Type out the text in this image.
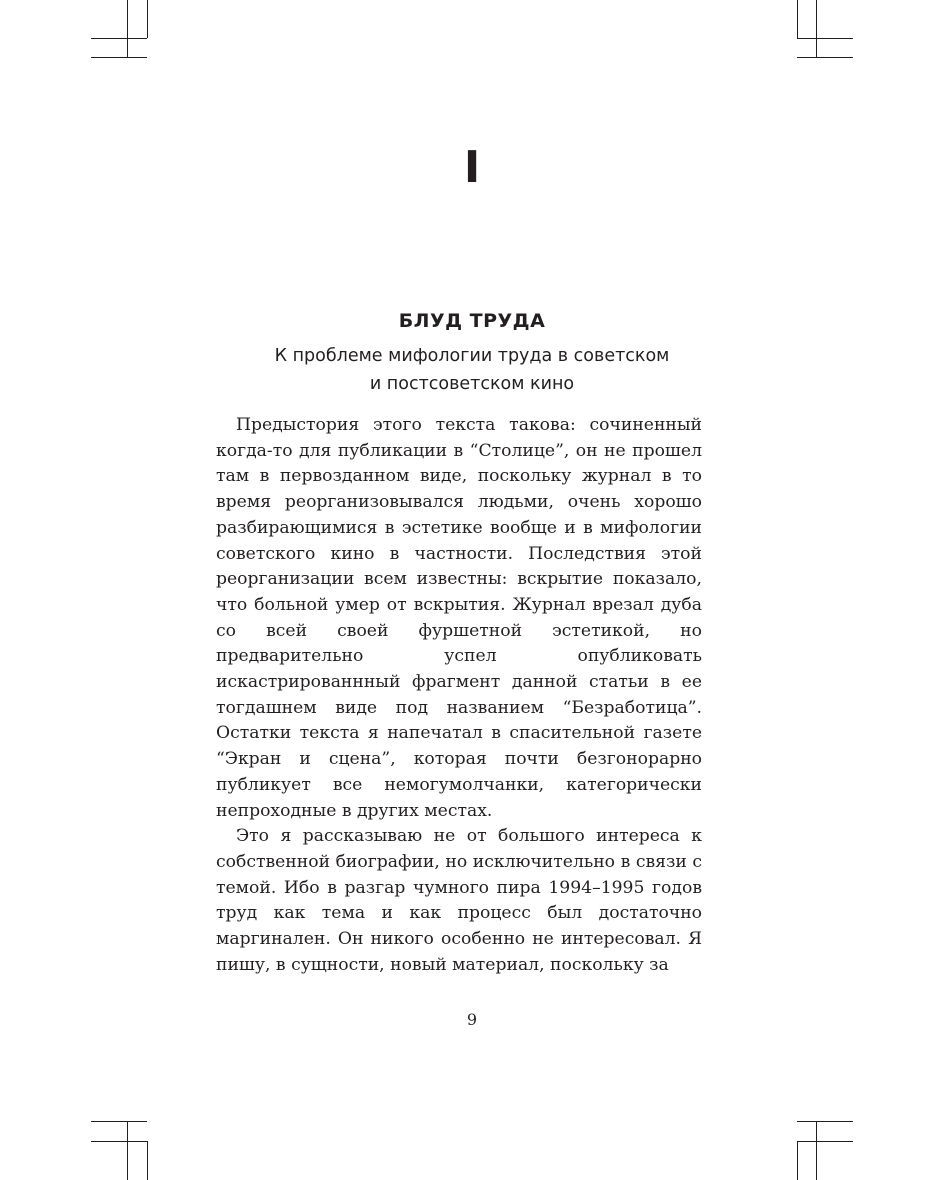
I
БЛУД ТРУДА
К проблеме мифологии труда в советском
и постсоветском кино

Предыстория этого текста такова: сочиненный когда-то для публикации в “Столице”, он не прошел там в первозданном виде, поскольку журнал в то время реорганизовывался людьми, очень хорошо разбирающимися в эстетике вообще и в мифологии советского кино в частности. Последствия этой реорганизации всем известны: вскрытие показало, что больной умер от вскрытия. Журнал врезал дуба со всей своей фуршетной эстетикой, но предварительно успел опубликовать искастрированнный фрагмент данной статьи в ее тогдашнем виде под названием “Безработица”. Остатки текста я напечатал в спасительной газете “Экран и сцена”, которая почти безгонорарно публикует все немогумолчанки, категорически непроходные в других местах.

Это я рассказываю не от большого интереса к собственной биографии, но исключительно в связи с темой. Ибо в разгар чумного пира 1994–1995 годов труд как тема и как процесс был достаточно маргинален. Он никого особенно не интересовал. Я пишу, в сущности, новый материал, поскольку за

9
